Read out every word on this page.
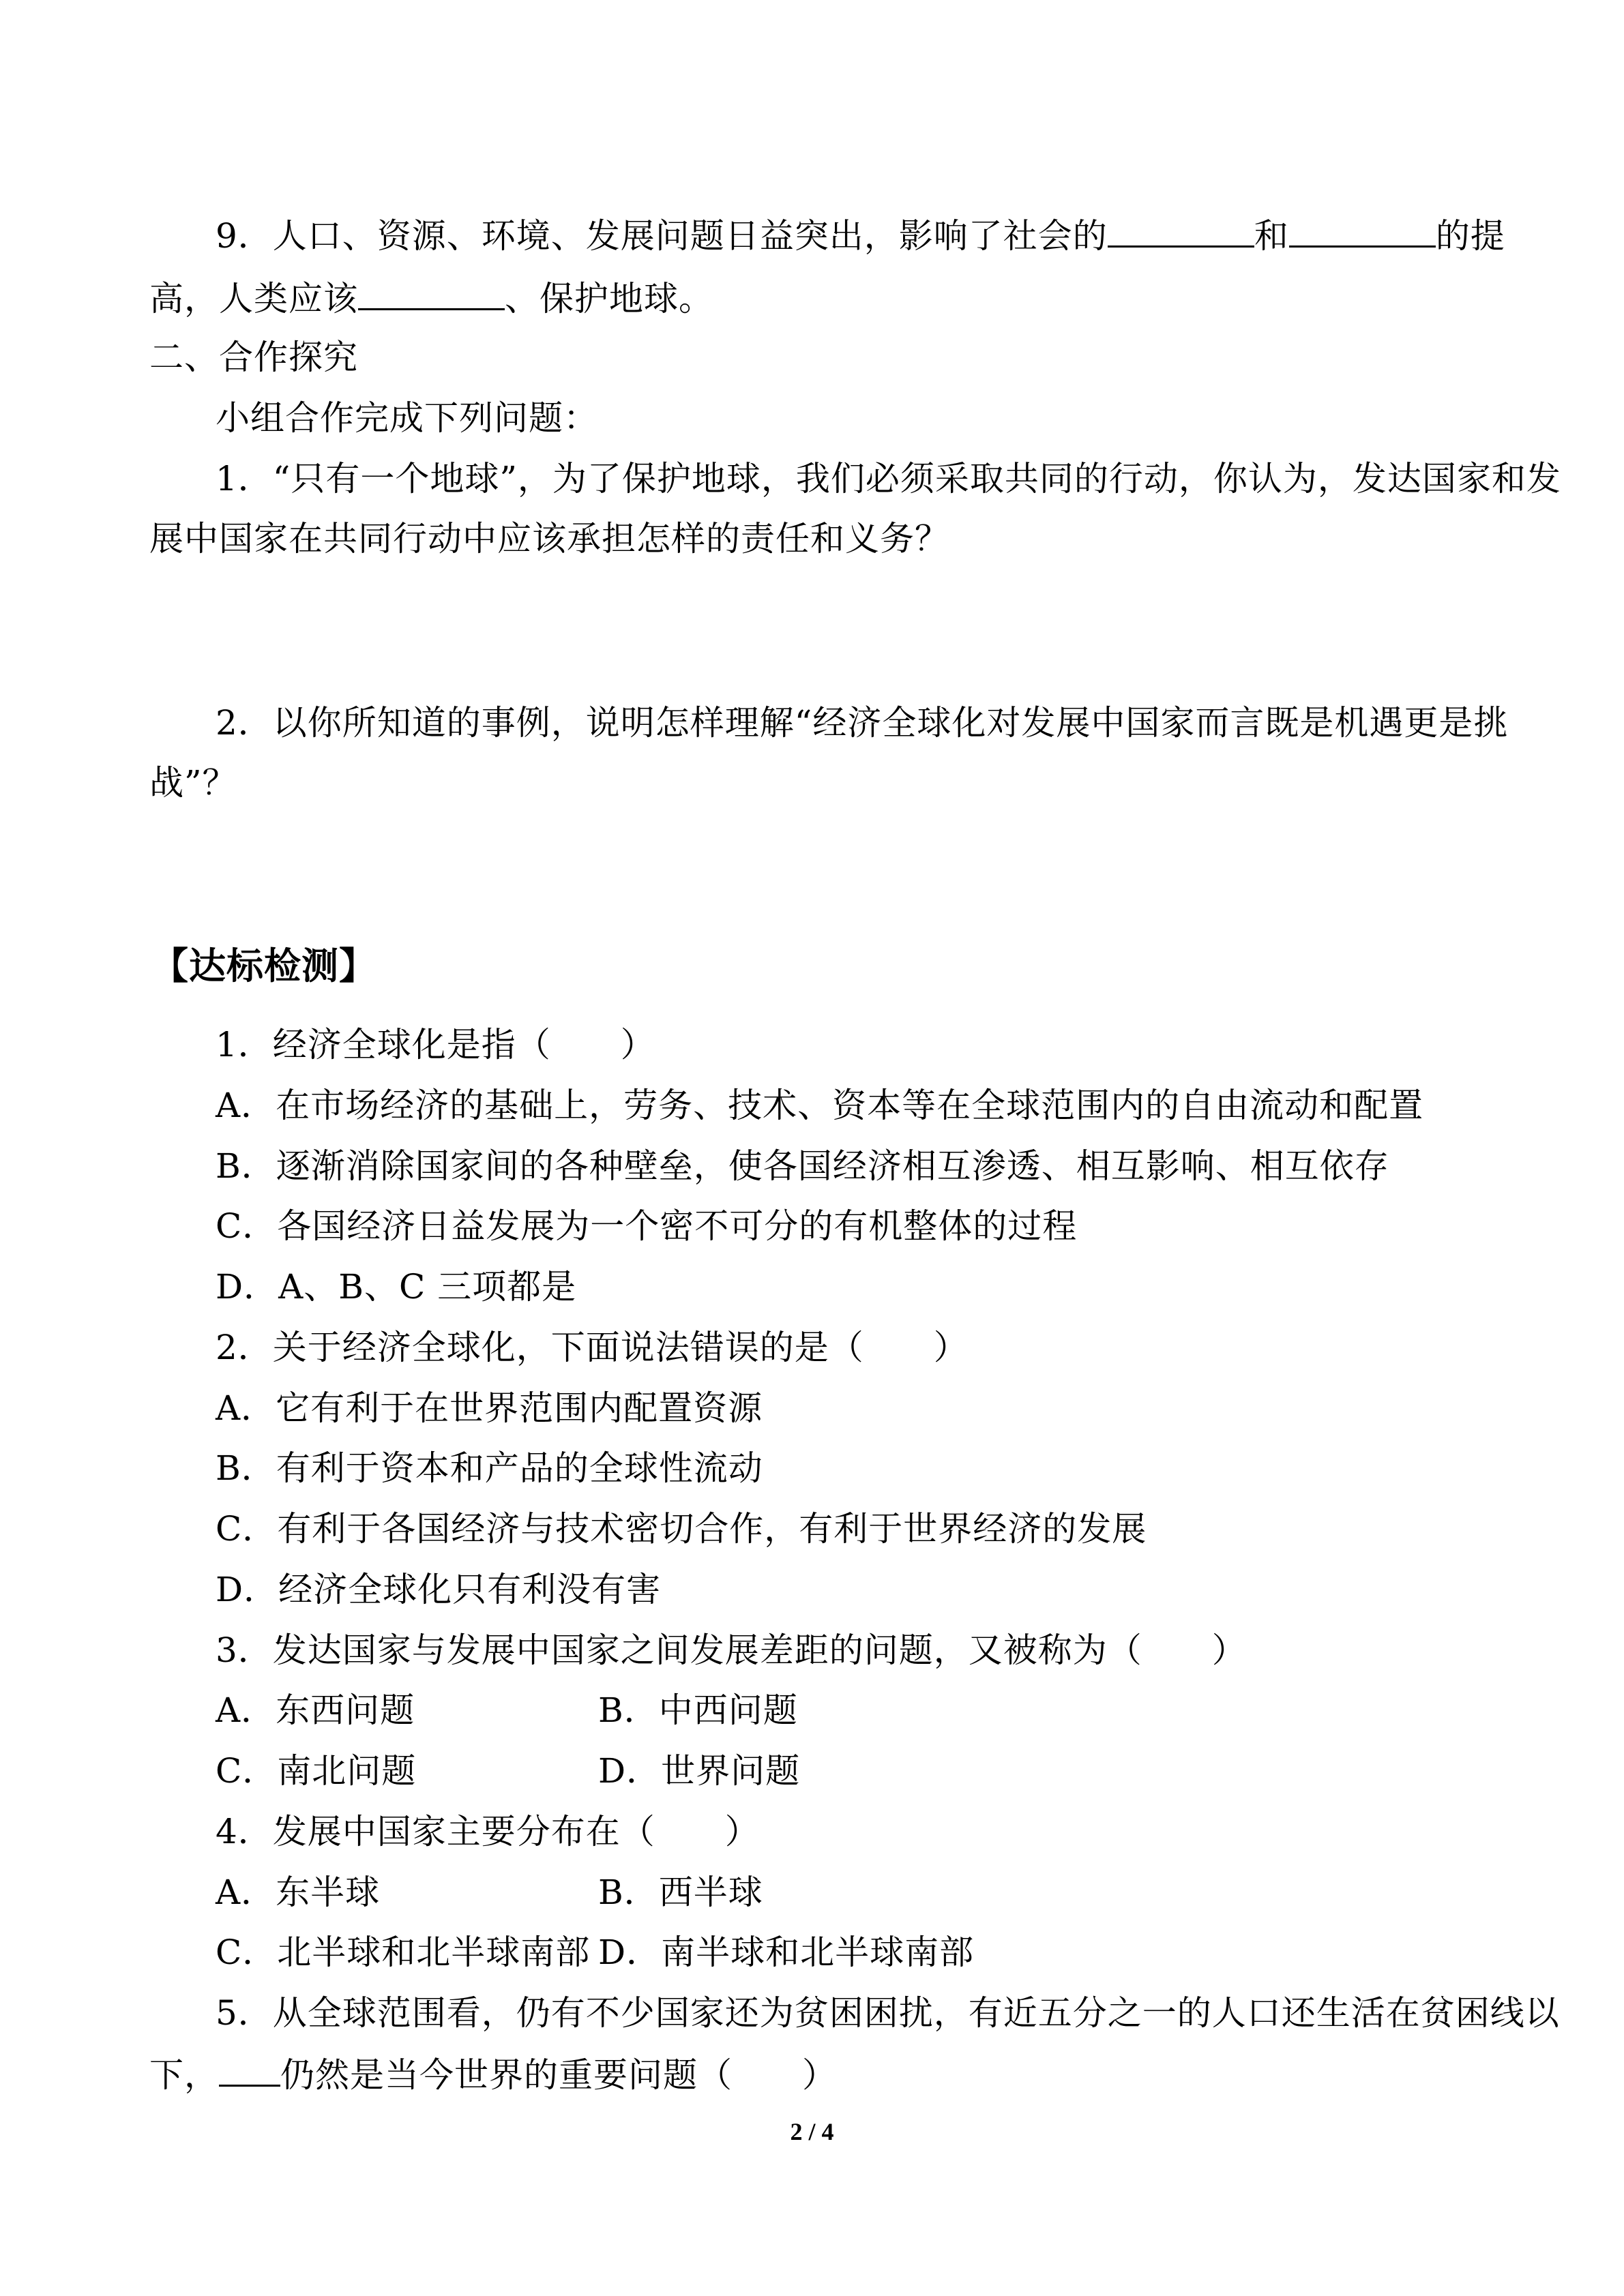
9．人口、资源、环境、发展问题日益突出，影响了社会的	和	的提
高，人类应该	、保护地球。
二、合作探究
小组合作完成下列问题：
1．“只有一个地球”，为了保护地球，我们必须采取共同的行动，你认为，发达国家和发
展中国家在共同行动中应该承担怎样的责任和义务？
2．以你所知道的事例，说明怎样理解“经济全球化对发展中国家而言既是机遇更是挑
战”？
【达标检测】
1．经济全球化是指（　　）
A．在市场经济的基础上，劳务、技术、资本等在全球范围内的自由流动和配置
B．逐渐消除国家间的各种壁垒，使各国经济相互渗透、相互影响、相互依存
C．各国经济日益发展为一个密不可分的有机整体的过程
D．A、B、C 三项都是
2．关于经济全球化，下面说法错误的是（　　）
A．它有利于在世界范围内配置资源
B．有利于资本和产品的全球性流动
C．有利于各国经济与技术密切合作，有利于世界经济的发展
D．经济全球化只有利没有害
3．发达国家与发展中国家之间发展差距的问题，又被称为（　　）
A．东西问题	B．中西问题
C．南北问题	D．世界问题
4．发展中国家主要分布在（　　）
A．东半球	B．西半球
C．北半球和北半球南部 D．南半球和北半球南部
5．从全球范围看，仍有不少国家还为贫困困扰，有近五分之一的人口还生活在贫困线以
下， 仍然是当今世界的重要问题（　　）
2 / 4
